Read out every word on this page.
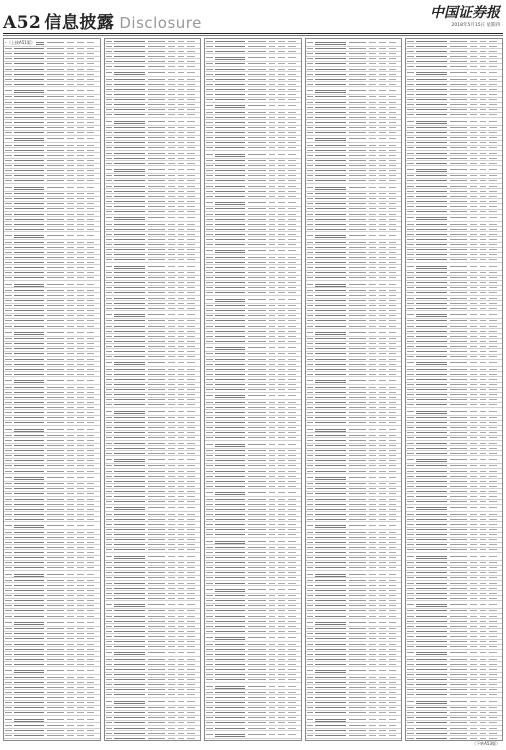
A52 信息披露 Disclosure
中国证券报
2018年5月15日 星期四
（上接A51版）
（下转A53版）
